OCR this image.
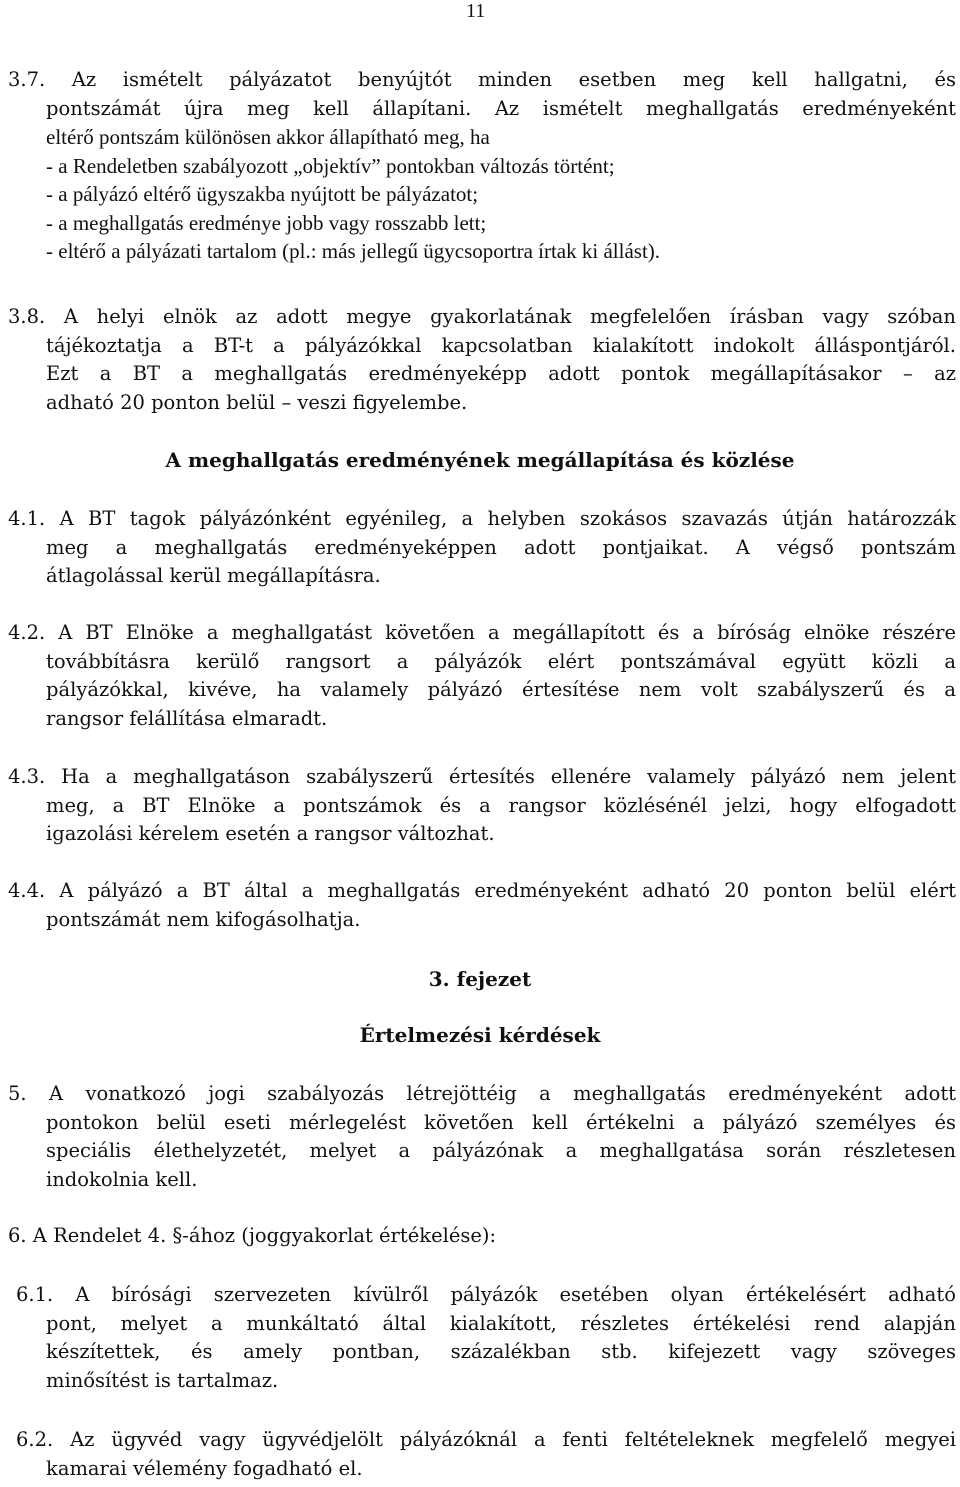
11
3.7. Az ismételt pályázatot benyújtót minden esetben meg kell hallgatni, és
pontszámát újra meg kell állapítani. Az ismételt meghallgatás eredményeként
eltérő pontszám különösen akkor állapítható meg, ha
- a Rendeletben szabályozott „objektív” pontokban változás történt;
- a pályázó eltérő ügyszakba nyújtott be pályázatot;
- a meghallgatás eredménye jobb vagy rosszabb lett;
- eltérő a pályázati tartalom (pl.: más jellegű ügycsoportra írtak ki állást).
3.8. A helyi elnök az adott megye gyakorlatának megfelelően írásban vagy szóban
tájékoztatja a BT-t a pályázókkal kapcsolatban kialakított indokolt álláspontjáról.
Ezt a BT a meghallgatás eredményeképp adott pontok megállapításakor – az
adható 20 ponton belül – veszi figyelembe.
A meghallgatás eredményének megállapítása és közlése
4.1. A BT tagok pályázónként egyénileg, a helyben szokásos szavazás útján határozzák
meg a meghallgatás eredményeképpen adott pontjaikat. A végső pontszám
átlagolással kerül megállapításra.
4.2. A BT Elnöke a meghallgatást követően a megállapított és a bíróság elnöke részére
továbbításra kerülő rangsort a pályázók elért pontszámával együtt közli a
pályázókkal, kivéve, ha valamely pályázó értesítése nem volt szabályszerű és a
rangsor felállítása elmaradt.
4.3. Ha a meghallgatáson szabályszerű értesítés ellenére valamely pályázó nem jelent
meg, a BT Elnöke a pontszámok és a rangsor közlésénél jelzi, hogy elfogadott
igazolási kérelem esetén a rangsor változhat.
4.4. A pályázó a BT által a meghallgatás eredményeként adható 20 ponton belül elért
pontszámát nem kifogásolhatja.
3. fejezet
Értelmezési kérdések
5. A vonatkozó jogi szabályozás létrejöttéig a meghallgatás eredményeként adott
pontokon belül eseti mérlegelést követően kell értékelni a pályázó személyes és
speciális élethelyzetét, melyet a pályázónak a meghallgatása során részletesen
indokolnia kell.
6. A Rendelet 4. §-ához (joggyakorlat értékelése):
6.1. A bírósági szervezeten kívülről pályázók esetében olyan értékelésért adható
pont, melyet a munkáltató által kialakított, részletes értékelési rend alapján
készítettek, és amely pontban, százalékban stb. kifejezett vagy szöveges
minősítést is tartalmaz.
6.2. Az ügyvéd vagy ügyvédjelölt pályázóknál a fenti feltételeknek megfelelő megyei
kamarai vélemény fogadható el.
